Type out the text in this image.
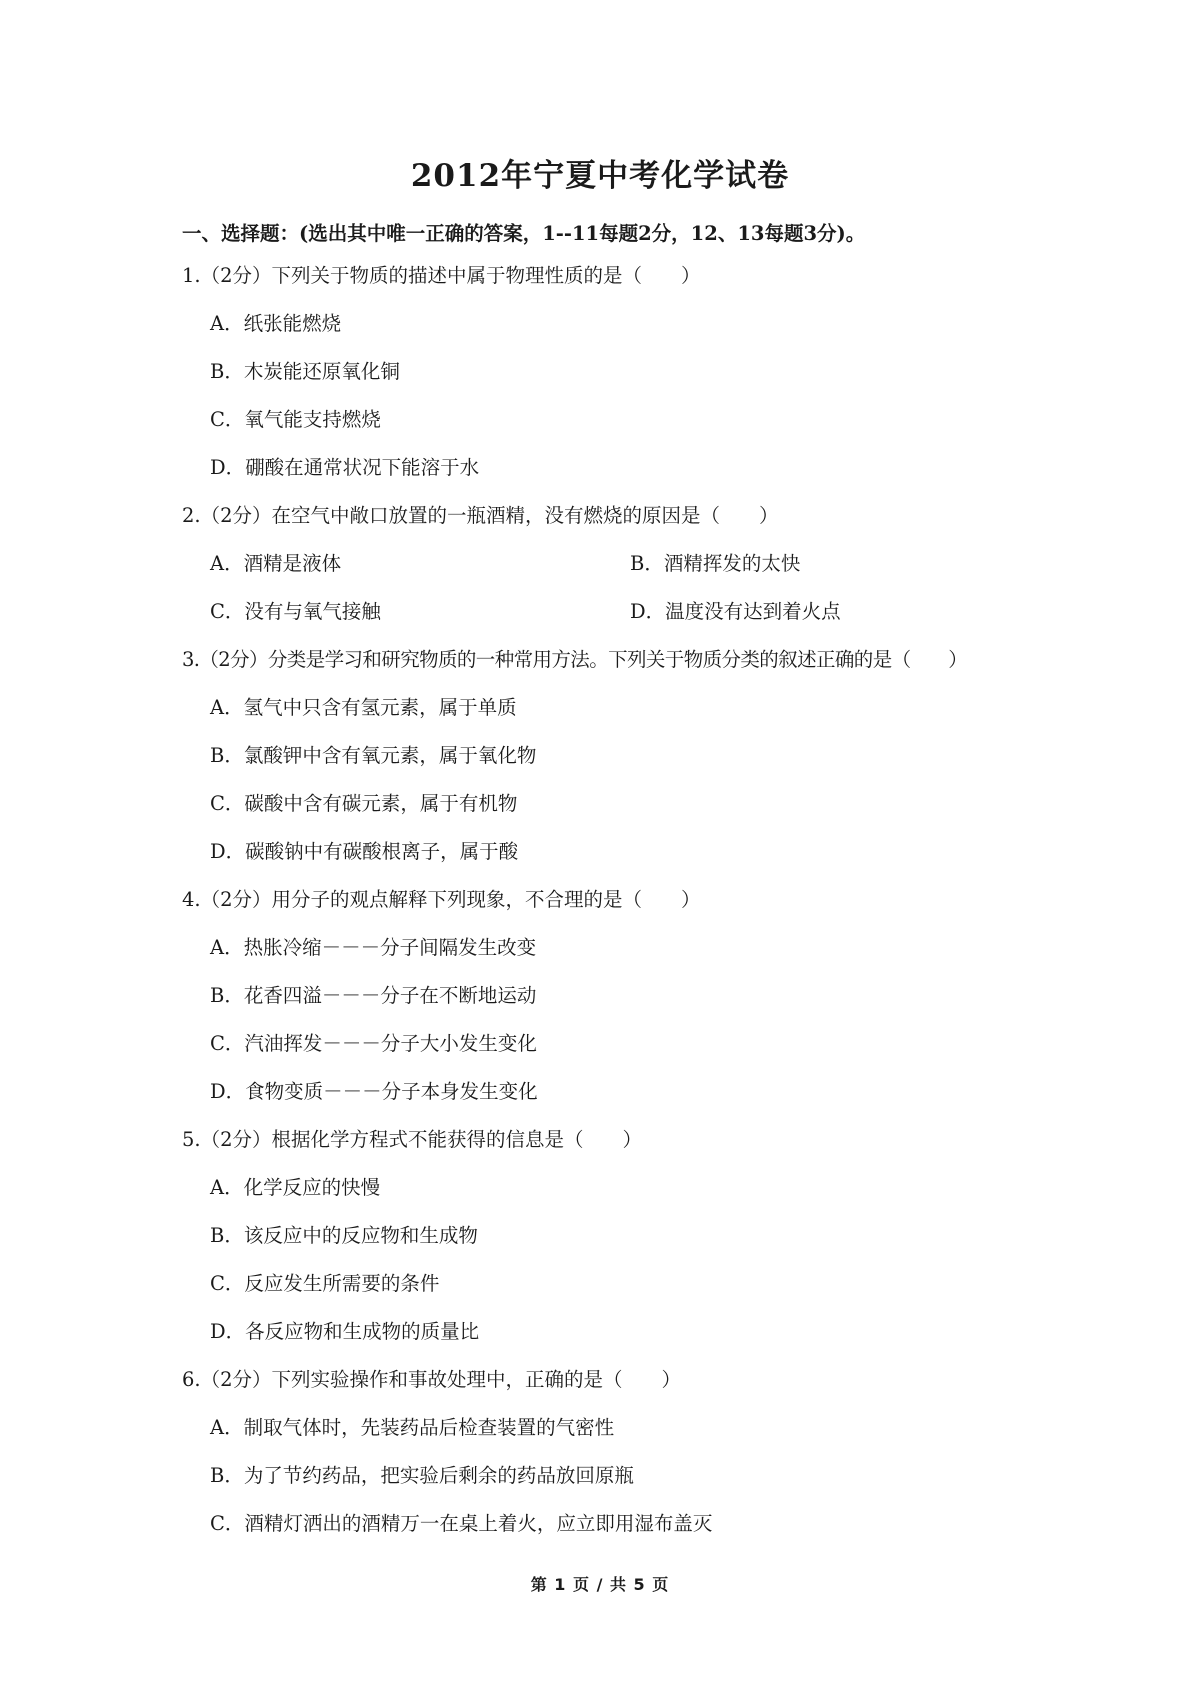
2012年宁夏中考化学试卷
一、选择题：(选出其中唯一正确的答案，1--11每题2分，12、13每题3分)。
1.（2分）下列关于物质的描述中属于物理性质的是（　　）
A．纸张能燃烧
B．木炭能还原氧化铜
C．氧气能支持燃烧
D．硼酸在通常状况下能溶于水
2.（2分）在空气中敞口放置的一瓶酒精，没有燃烧的原因是（　　）
A．酒精是液体	B．酒精挥发的太快
C．没有与氧气接触	D．温度没有达到着火点
3.（2分）分类是学习和研究物质的一种常用方法。下列关于物质分类的叙述正确的是（　　）
A．氢气中只含有氢元素，属于单质
B．氯酸钾中含有氧元素，属于氧化物
C．碳酸中含有碳元素，属于有机物
D．碳酸钠中有碳酸根离子，属于酸
4.（2分）用分子的观点解释下列现象，不合理的是（　　）
A．热胀冷缩－－－分子间隔发生改变
B．花香四溢－－－分子在不断地运动
C．汽油挥发－－－分子大小发生变化
D．食物变质－－－分子本身发生变化
5.（2分）根据化学方程式不能获得的信息是（　　）
A．化学反应的快慢
B．该反应中的反应物和生成物
C．反应发生所需要的条件
D．各反应物和生成物的质量比
6.（2分）下列实验操作和事故处理中，正确的是（　　）
A．制取气体时，先装药品后检查装置的气密性
B．为了节约药品，把实验后剩余的药品放回原瓶
C．酒精灯洒出的酒精万一在桌上着火，应立即用湿布盖灭
第 1 页 / 共 5 页
